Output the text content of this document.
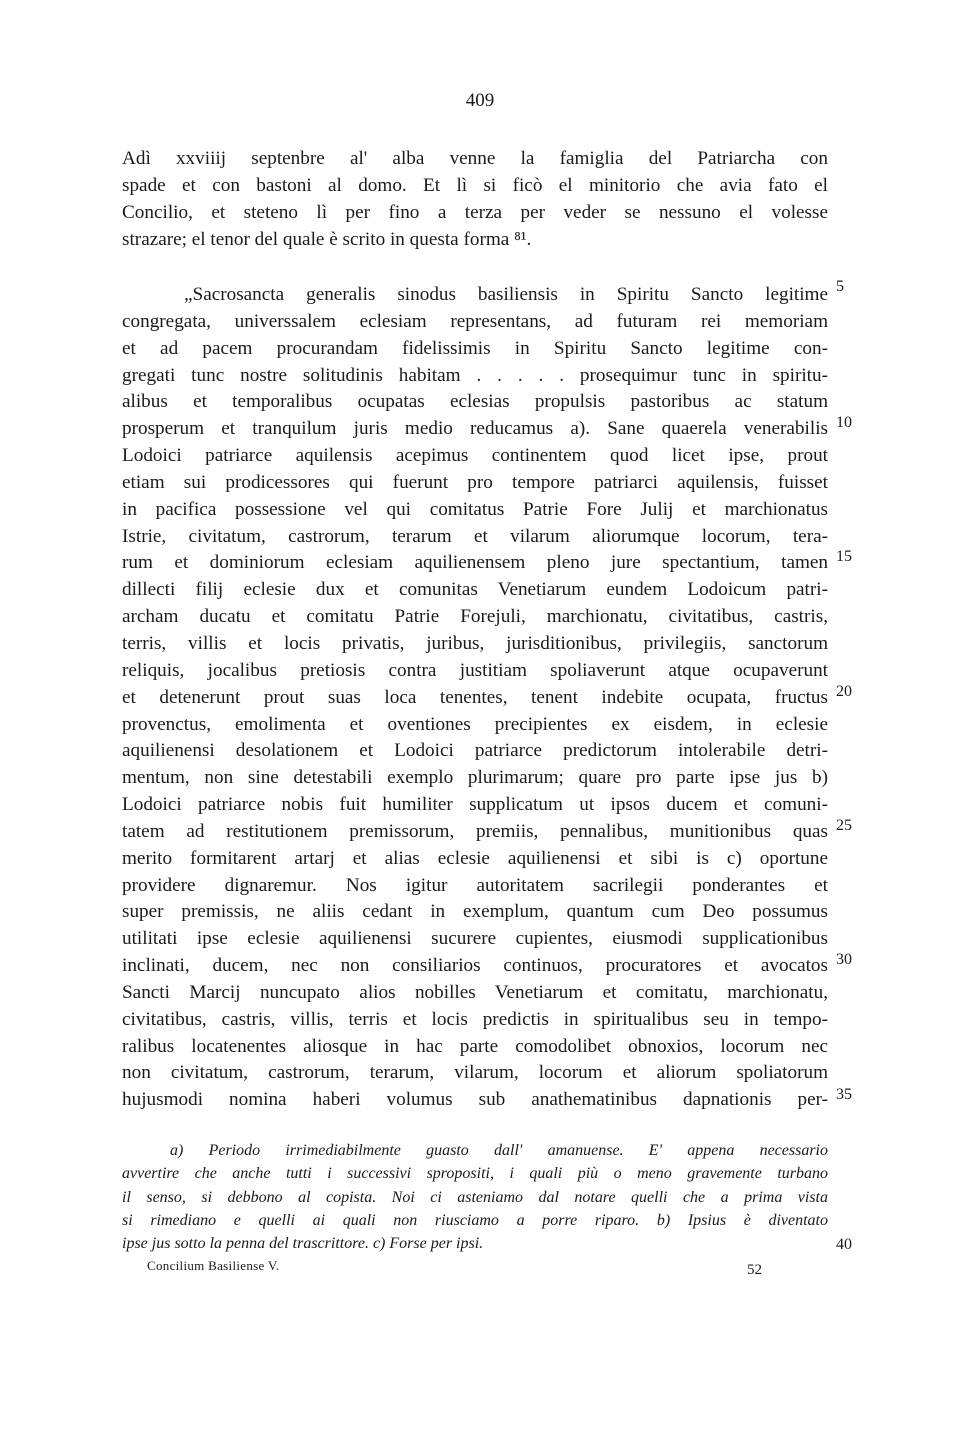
409
Adì xxviiij septenbre al' alba venne la famiglia del Patriarcha con
spade et con bastoni al domo. Et lì si ficò el minitorio che avia fato el
Concilio, et steteno lì per fino a terza per veder se nessuno el volesse
strazare; el tenor del quale è scrito in questa forma ⁸¹.
„Sacrosancta generalis sinodus basiliensis in Spiritu Sancto legitime
congregata, universsalem eclesiam representans, ad futuram rei memoriam
et ad pacem procurandam fidelissimis in Spiritu Sancto legitime con-
gregati tunc nostre solitudinis habitam . . . . . prosequimur tunc in spiritu-
alibus et temporalibus ocupatas eclesias propulsis pastoribus ac statum
prosperum et tranquilum juris medio reducamus a). Sane quaerela venerabilis
Lodoici patriarce aquilensis acepimus continentem quod licet ipse, prout
etiam sui prodicessores qui fuerunt pro tempore patriarci aquilensis, fuisset
in pacifica possessione vel qui comitatus Patrie Fore Julij et marchionatus
Istrie, civitatum, castrorum, terarum et vilarum aliorumque locorum, tera-
rum et dominiorum eclesiam aquilienensem pleno jure spectantium, tamen
dillecti filij eclesie dux et comunitas Venetiarum eundem Lodoicum patri-
archam ducatu et comitatu Patrie Forejuli, marchionatu, civitatibus, castris,
terris, villis et locis privatis, juribus, jurisditionibus, privilegiis, sanctorum
reliquis, jocalibus pretiosis contra justitiam spoliaverunt atque ocupaverunt
et detenerunt prout suas loca tenentes, tenent indebite ocupata, fructus
provenctus, emolimenta et oventiones precipientes ex eisdem, in eclesie
aquilienensi desolationem et Lodoici patriarce predictorum intolerabile detri-
mentum, non sine detestabili exemplo plurimarum; quare pro parte ipse jus b)
Lodoici patriarce nobis fuit humiliter supplicatum ut ipsos ducem et comuni-
tatem ad restitutionem premissorum, premiis, pennalibus, munitionibus quas
merito formitarent artarj et alias eclesie aquilienensi et sibi is c) oportune
providere dignaremur. Nos igitur autoritatem sacrilegii ponderantes et
super premissis, ne aliis cedant in exemplum, quantum cum Deo possumus
utilitati ipse eclesie aquilienensi sucurere cupientes, eiusmodi supplicationibus
inclinati, ducem, nec non consiliarios continuos, procuratores et avocatos
Sancti Marcij nuncupato alios nobilles Venetiarum et comitatu, marchionatu,
civitatibus, castris, villis, terris et locis predictis in spiritualibus seu in tempo-
ralibus locatenentes aliosque in hac parte comodolibet obnoxios, locorum nec
non civitatum, castrorum, terarum, vilarum, locorum et aliorum spoliatorum
hujusmodi nomina haberi volumus sub anathematinibus dapnationis per-
5
10
15
20
25
30
35
40
a) Periodo irrimediabilmente guasto dall' amanuense. E' appena necessario
avvertire che anche tutti i successivi spropositi, i quali più o meno gravemente turbano
il senso, si debbono al copista. Noi ci asteniamo dal notare quelli che a prima vista
si rimediano e quelli ai quali non riusciamo a porre riparo. b) Ipsius è diventato
ipse jus sotto la penna del trascrittore. c) Forse per ipsi.
Concilium Basiliense V.	52
